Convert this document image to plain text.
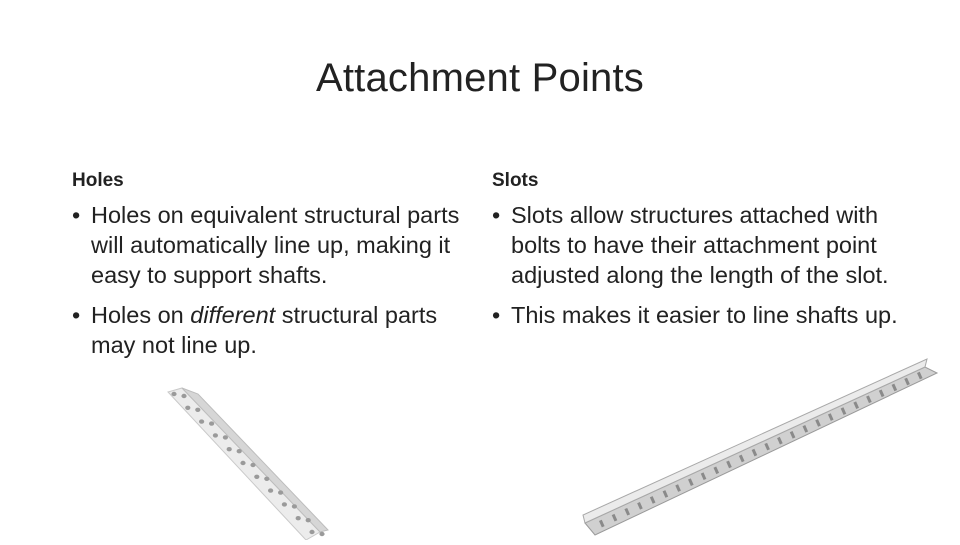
Attachment Points
Holes
• Holes on equivalent structural parts will automatically line up, making it easy to support shafts.
• Holes on different structural parts may not line up.
Slots
• Slots allow structures attached with bolts to have their attachment point adjusted along the length of the slot.
• This makes it easier to line shafts up.
